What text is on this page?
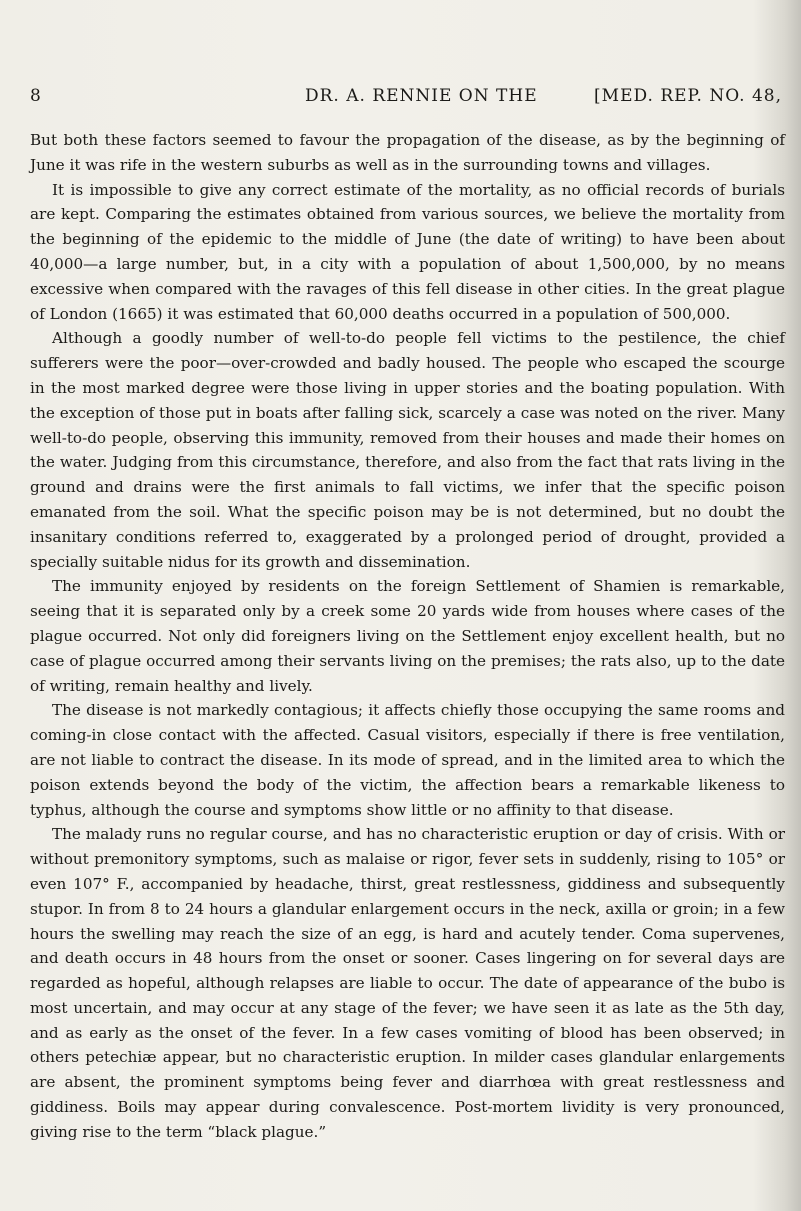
8	DR. A. RENNIE ON THE	[MED. REP. NO. 48,

But both these factors seemed to favour the propagation of the disease, as by the beginning of June it was rife in the western suburbs as well as in the surrounding towns and villages.

It is impossible to give any correct estimate of the mortality, as no official records of burials are kept. Comparing the estimates obtained from various sources, we believe the mortality from the beginning of the epidemic to the middle of June (the date of writing) to have been about 40,000—a large number, but, in a city with a population of about 1,500,000, by no means excessive when compared with the ravages of this fell disease in other cities. In the great plague of London (1665) it was estimated that 60,000 deaths occurred in a population of 500,000.

Although a goodly number of well-to-do people fell victims to the pestilence, the chief sufferers were the poor—over-crowded and badly housed. The people who escaped the scourge in the most marked degree were those living in upper stories and the boating population. With the exception of those put in boats after falling sick, scarcely a case was noted on the river. Many well-to-do people, observing this immunity, removed from their houses and made their homes on the water. Judging from this circumstance, therefore, and also from the fact that rats living in the ground and drains were the first animals to fall victims, we infer that the specific poison emanated from the soil. What the specific poison may be is not determined, but no doubt the insanitary conditions referred to, exaggerated by a prolonged period of drought, provided a specially suitable nidus for its growth and dissemination.

The immunity enjoyed by residents on the foreign Settlement of Shamien is remarkable, seeing that it is separated only by a creek some 20 yards wide from houses where cases of the plague occurred. Not only did foreigners living on the Settlement enjoy excellent health, but no case of plague occurred among their servants living on the premises; the rats also, up to the date of writing, remain healthy and lively.

The disease is not markedly contagious; it affects chiefly those occupying the same rooms and coming-in close contact with the affected. Casual visitors, especially if there is free ventilation, are not liable to contract the disease. In its mode of spread, and in the limited area to which the poison extends beyond the body of the victim, the affection bears a remarkable likeness to typhus, although the course and symptoms show little or no affinity to that disease.

The malady runs no regular course, and has no characteristic eruption or day of crisis. With or without premonitory symptoms, such as malaise or rigor, fever sets in suddenly, rising to 105° or even 107° F., accompanied by headache, thirst, great restlessness, giddiness and subsequently stupor. In from 8 to 24 hours a glandular enlargement occurs in the neck, axilla or groin; in a few hours the swelling may reach the size of an egg, is hard and acutely tender. Coma supervenes, and death occurs in 48 hours from the onset or sooner. Cases lingering on for several days are regarded as hopeful, although relapses are liable to occur. The date of appearance of the bubo is most uncertain, and may occur at any stage of the fever; we have seen it as late as the 5th day, and as early as the onset of the fever. In a few cases vomiting of blood has been observed; in others petechiæ appear, but no characteristic eruption. In milder cases glandular enlargements are absent, the prominent symptoms being fever and diarrhœa with great restlessness and giddiness. Boils may appear during convalescence. Post-mortem lividity is very pronounced, giving rise to the term “black plague.”
